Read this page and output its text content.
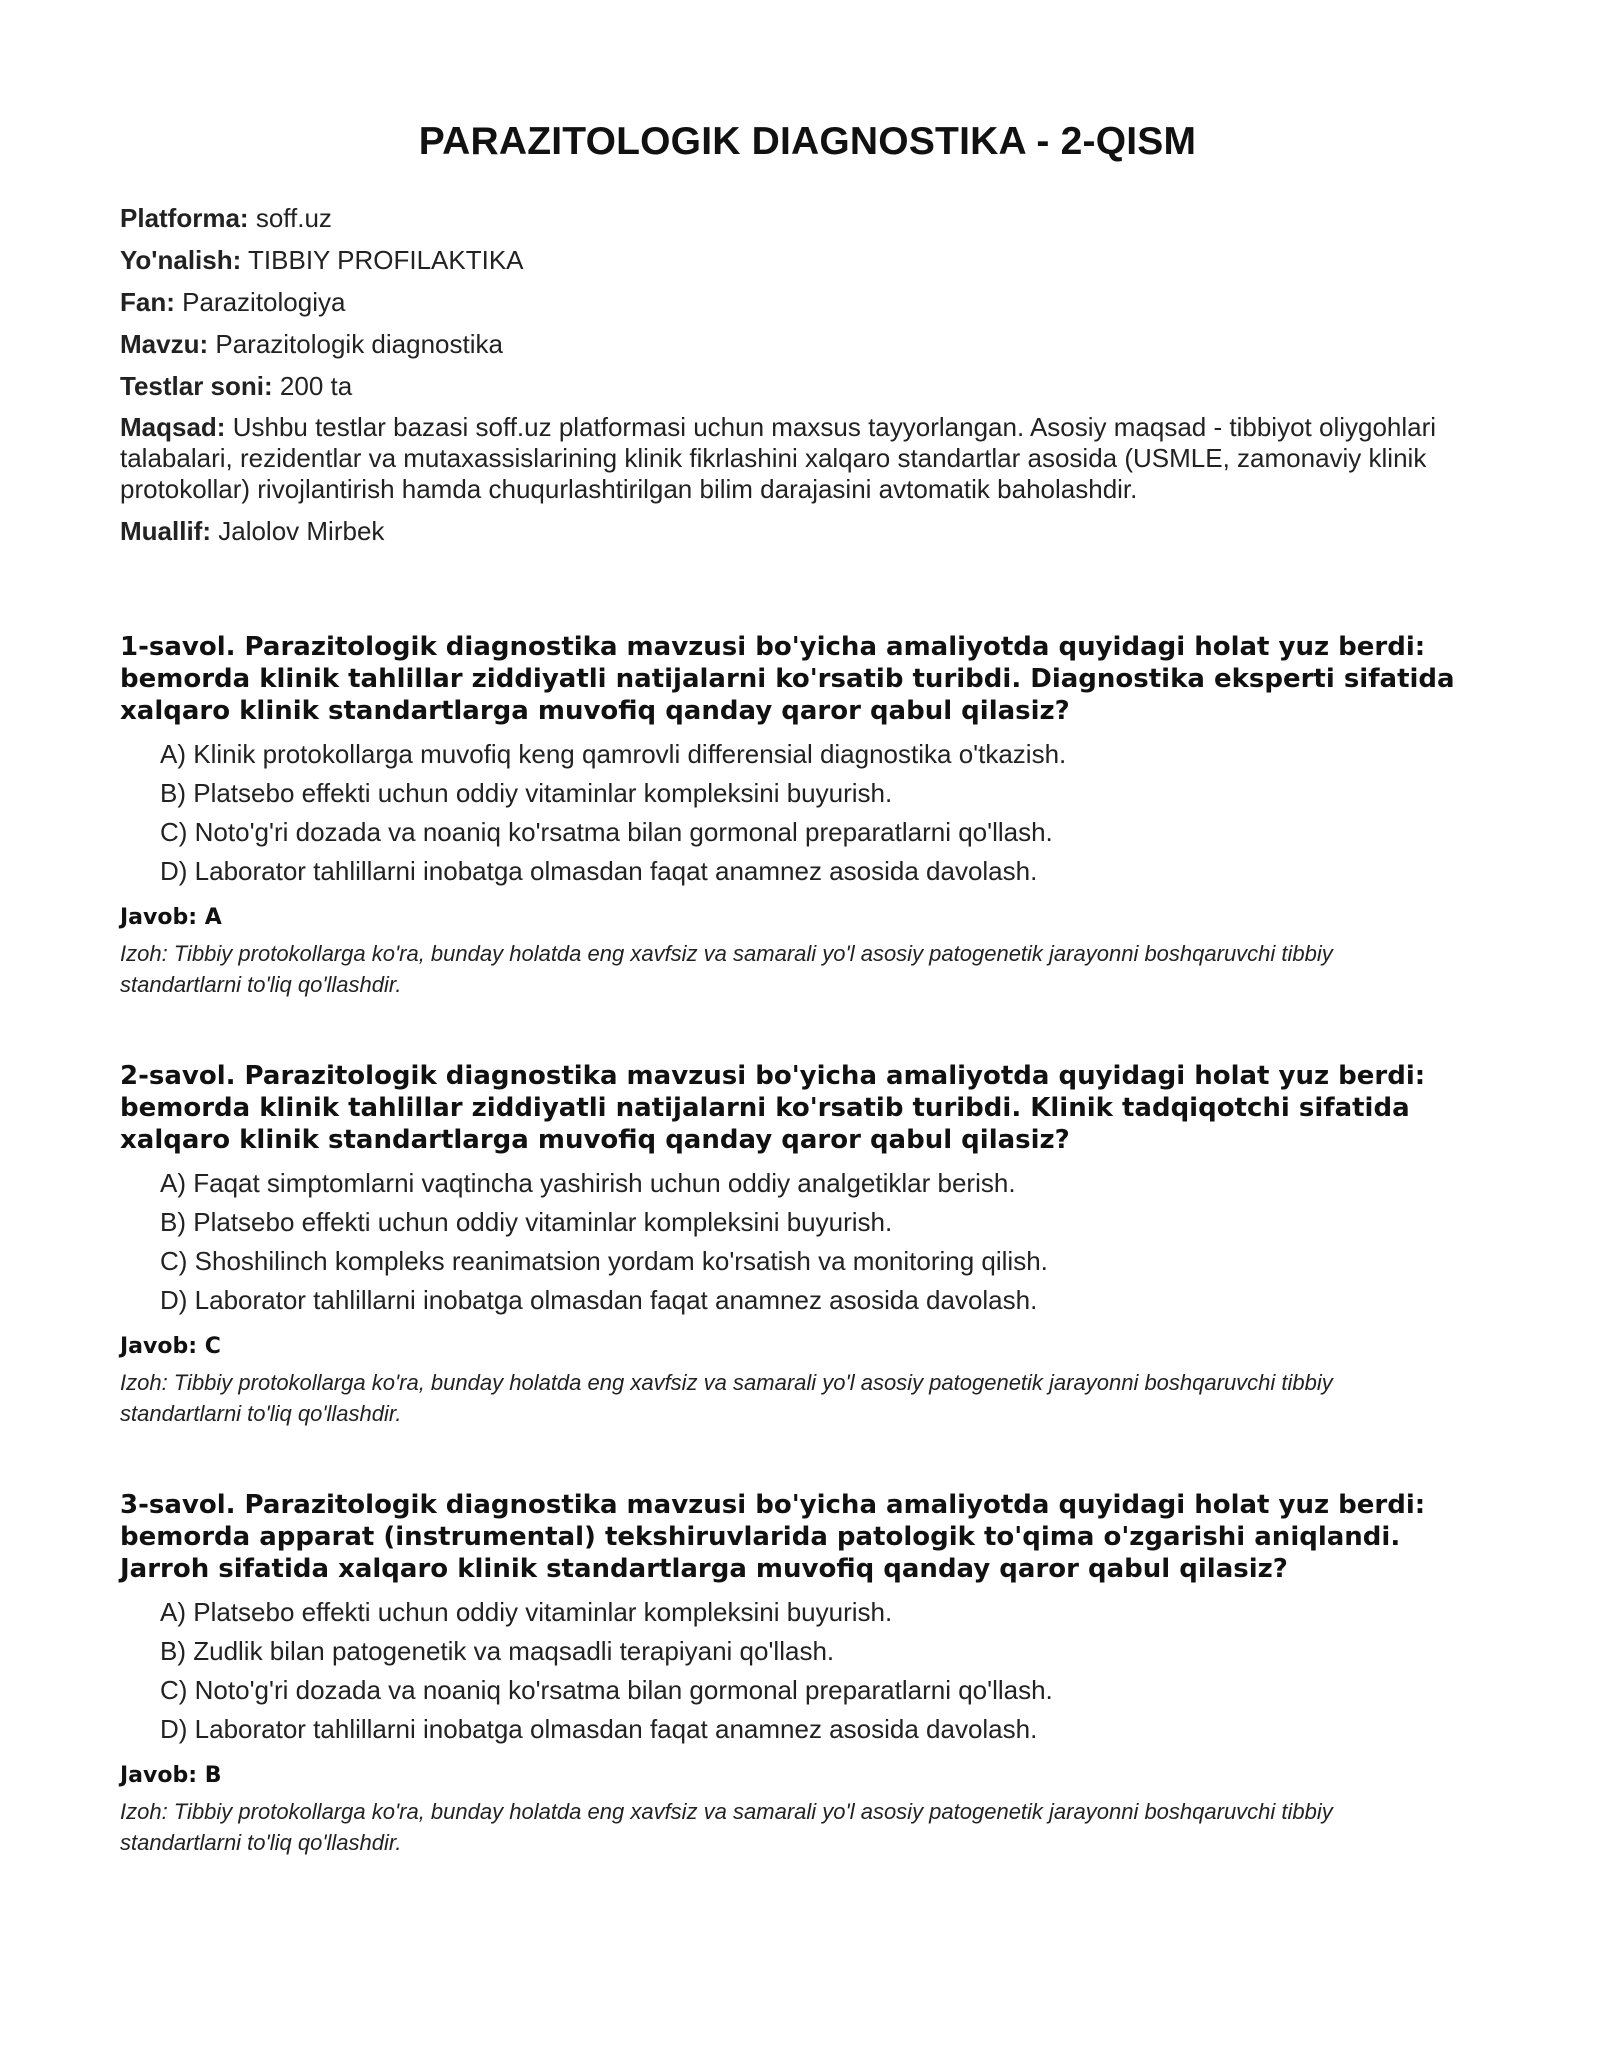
PARAZITOLOGIK DIAGNOSTIKA - 2-QISM
Platforma: soff.uz
Yo'nalish: TIBBIY PROFILAKTIKA
Fan: Parazitologiya
Mavzu: Parazitologik diagnostika
Testlar soni: 200 ta
Maqsad: Ushbu testlar bazasi soff.uz platformasi uchun maxsus tayyorlangan. Asosiy maqsad - tibbiyot oliygohlari talabalari, rezidentlar va mutaxassislarining klinik fikrlashini xalqaro standartlar asosida (USMLE, zamonaviy klinik protokollar) rivojlantirish hamda chuqurlashtirilgan bilim darajasini avtomatik baholashdir.
Muallif: Jalolov Mirbek
1-savol. Parazitologik diagnostika mavzusi bo'yicha amaliyotda quyidagi holat yuz berdi: bemorda klinik tahlillar ziddiyatli natijalarni ko'rsatib turibdi. Diagnostika eksperti sifatida xalqaro klinik standartlarga muvofiq qanday qaror qabul qilasiz?
A) Klinik protokollarga muvofiq keng qamrovli differensial diagnostika o'tkazish.
B) Platsebo effekti uchun oddiy vitaminlar kompleksini buyurish.
C) Noto'g'ri dozada va noaniq ko'rsatma bilan gormonal preparatlarni qo'llash.
D) Laborator tahlillarni inobatga olmasdan faqat anamnez asosida davolash.
Javob: A
Izoh: Tibbiy protokollarga ko'ra, bunday holatda eng xavfsiz va samarali yo'l asosiy patogenetik jarayonni boshqaruvchi tibbiy standartlarni to'liq qo'llashdir.
2-savol. Parazitologik diagnostika mavzusi bo'yicha amaliyotda quyidagi holat yuz berdi: bemorda klinik tahlillar ziddiyatli natijalarni ko'rsatib turibdi. Klinik tadqiqotchi sifatida xalqaro klinik standartlarga muvofiq qanday qaror qabul qilasiz?
A) Faqat simptomlarni vaqtincha yashirish uchun oddiy analgetiklar berish.
B) Platsebo effekti uchun oddiy vitaminlar kompleksini buyurish.
C) Shoshilinch kompleks reanimatsion yordam ko'rsatish va monitoring qilish.
D) Laborator tahlillarni inobatga olmasdan faqat anamnez asosida davolash.
Javob: C
Izoh: Tibbiy protokollarga ko'ra, bunday holatda eng xavfsiz va samarali yo'l asosiy patogenetik jarayonni boshqaruvchi tibbiy standartlarni to'liq qo'llashdir.
3-savol. Parazitologik diagnostika mavzusi bo'yicha amaliyotda quyidagi holat yuz berdi: bemorda apparat (instrumental) tekshiruvlarida patologik to'qima o'zgarishi aniqlandi. Jarroh sifatida xalqaro klinik standartlarga muvofiq qanday qaror qabul qilasiz?
A) Platsebo effekti uchun oddiy vitaminlar kompleksini buyurish.
B) Zudlik bilan patogenetik va maqsadli terapiyani qo'llash.
C) Noto'g'ri dozada va noaniq ko'rsatma bilan gormonal preparatlarni qo'llash.
D) Laborator tahlillarni inobatga olmasdan faqat anamnez asosida davolash.
Javob: B
Izoh: Tibbiy protokollarga ko'ra, bunday holatda eng xavfsiz va samarali yo'l asosiy patogenetik jarayonni boshqaruvchi tibbiy standartlarni to'liq qo'llashdir.
